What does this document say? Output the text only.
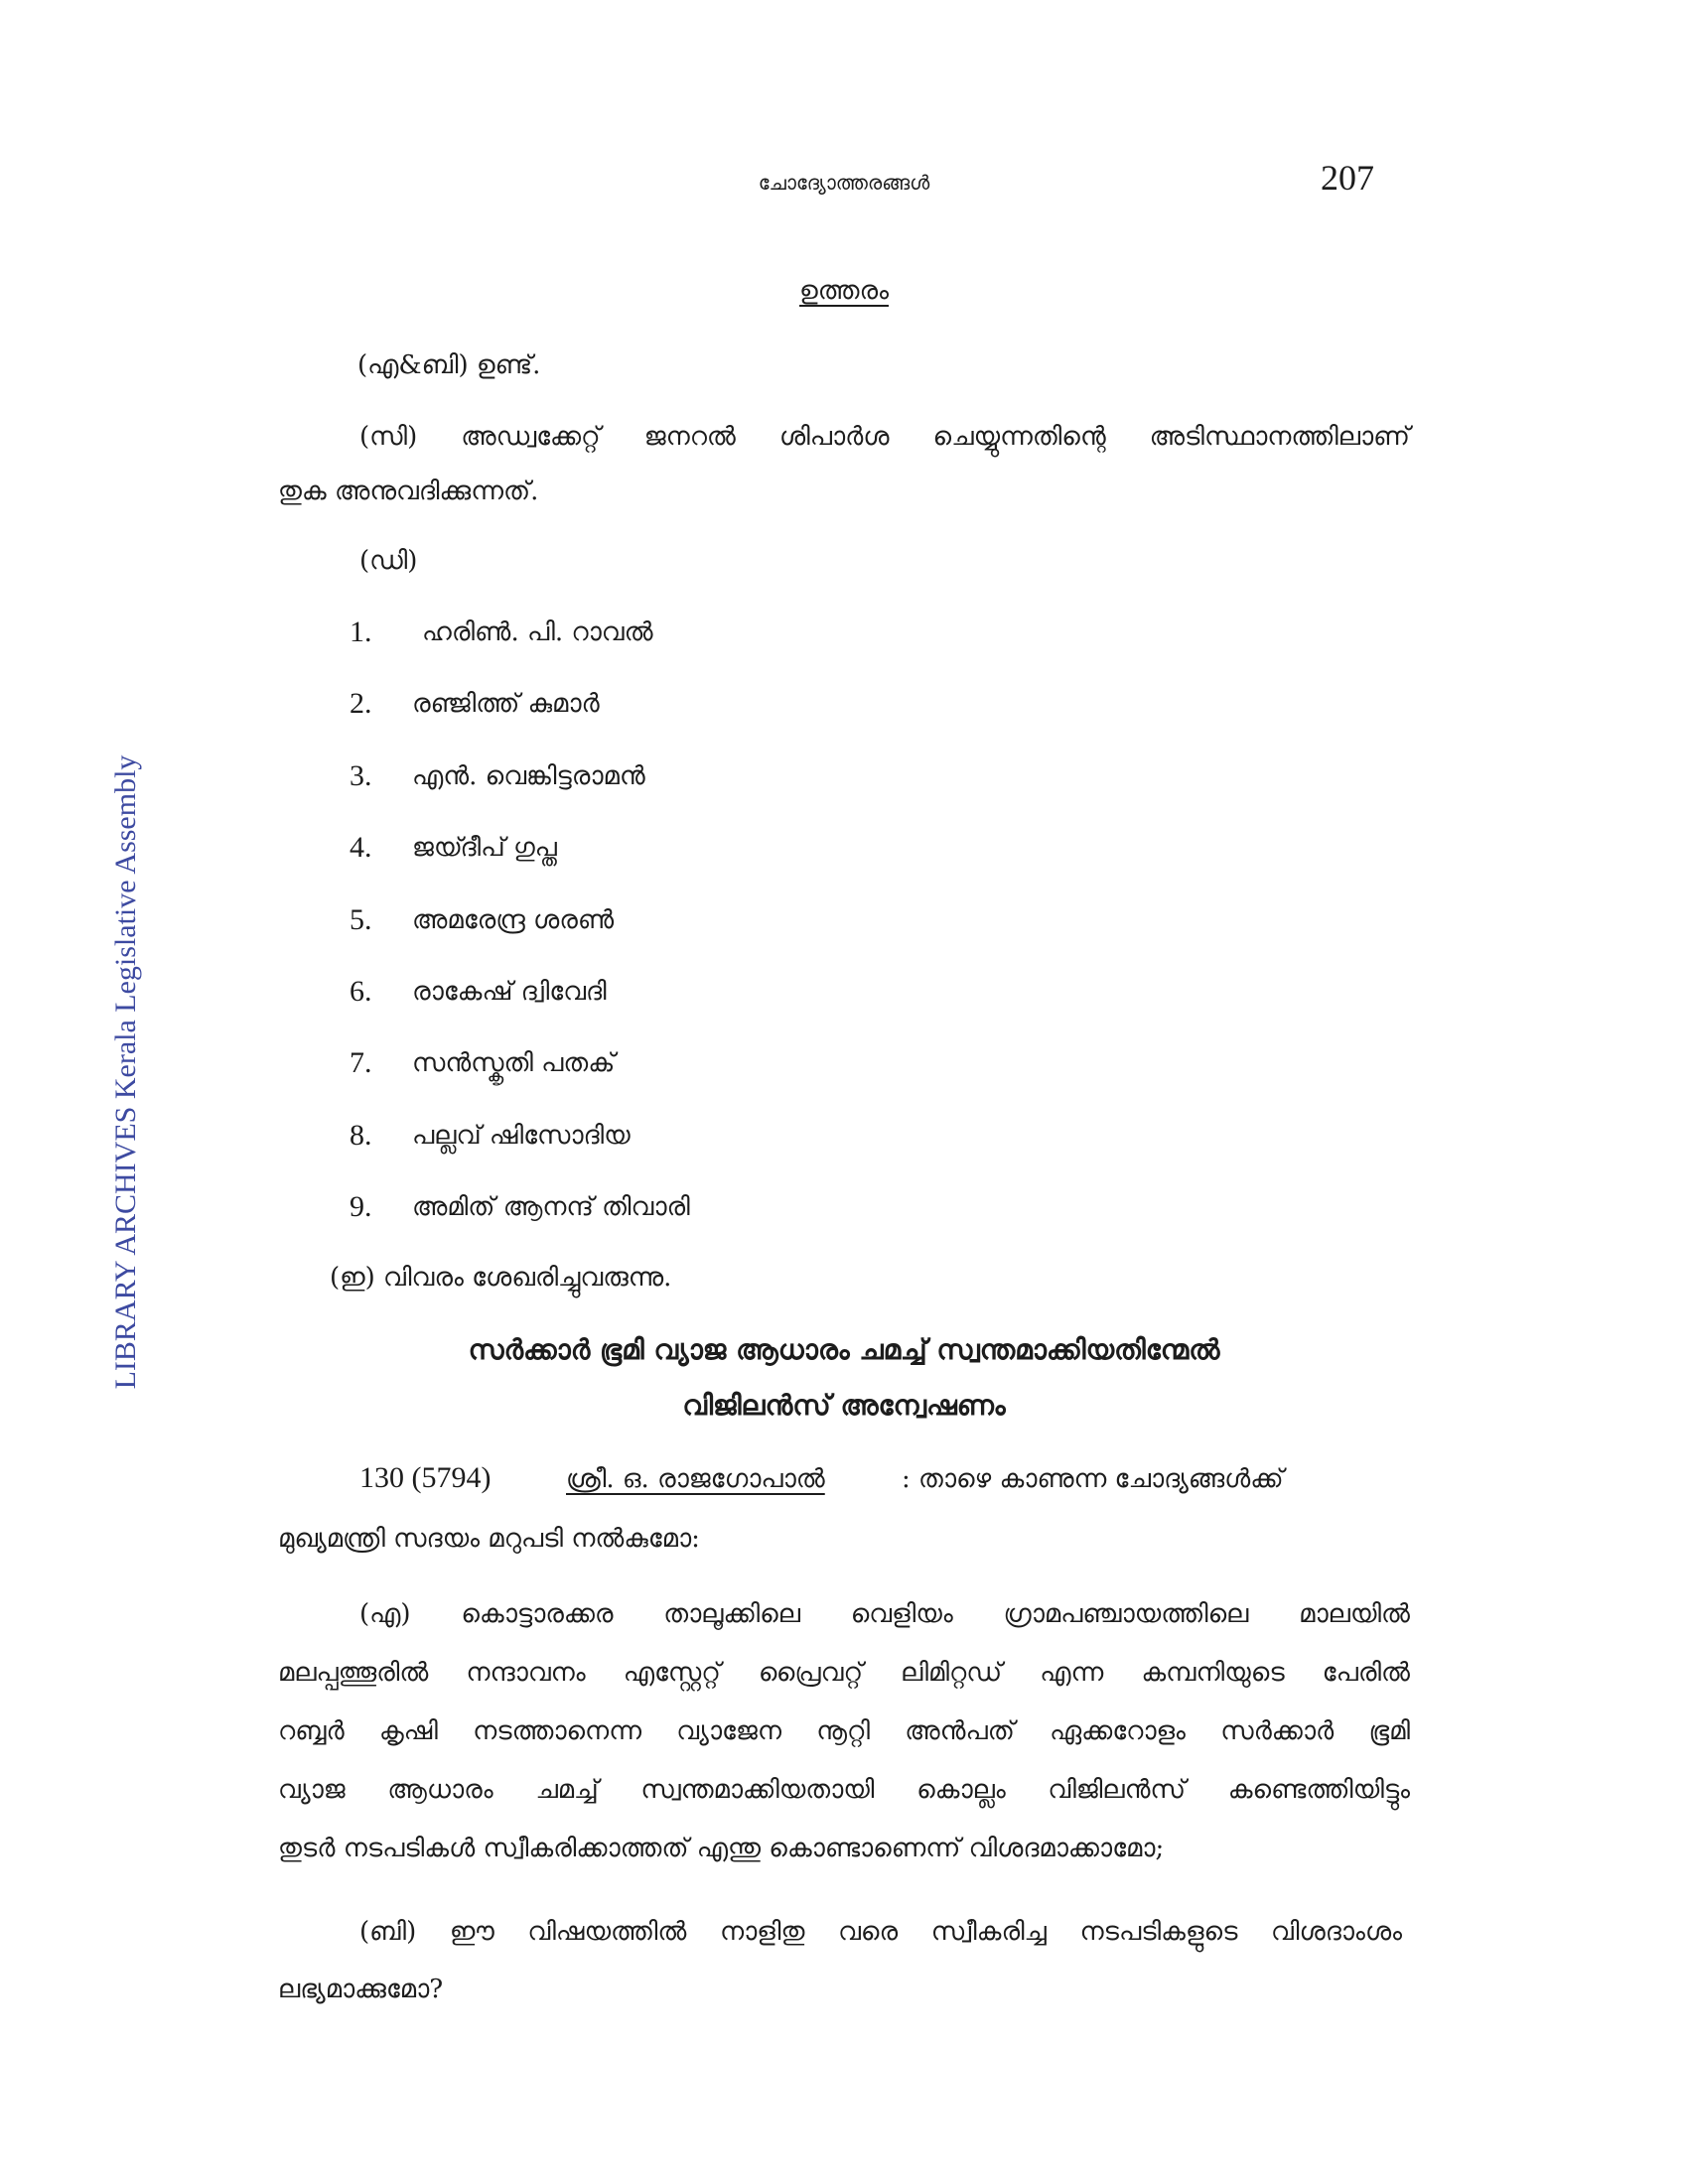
LIBRARY ARCHIVES Kerala Legislative Assembly
ചോദ്യോത്തരങ്ങൾ	207
ഉത്തരം
(എ&ബി) ഉണ്ട്.
(സി) അഡ്വക്കേറ്റ് ജനറൽ ശിപാർശ ചെയ്യുന്നതിന്റെ അടിസ്ഥാനത്തിലാണ്
തുക അനുവദിക്കുന്നത്.
(ഡി)
1. ഹരിൺ. പി. റാവൽ
2. രഞ്ജിത്ത് കുമാർ
3. എൻ. വെങ്കിട്ടരാമൻ
4. ജയ്ദീപ് ഗുപ്ത
5. അമരേന്ദ്ര ശരൺ
6. രാകേഷ് ദ്വിവേദി
7. സൻസ്കൃതി പതക്
8. പല്ലവ് ഷിസോദിയ
9. അമിത് ആനന്ദ് തിവാരി
(ഇ) വിവരം ശേഖരിച്ചുവരുന്നു.
സർക്കാർ ഭൂമി വ്യാജ ആധാരം ചമച്ച് സ്വന്തമാക്കിയതിന്മേൽ
വിജിലൻസ് അന്വേഷണം
130 (5794)	ശ്രീ. ഒ. രാജഗോപാൽ	: താഴെ കാണുന്ന ചോദ്യങ്ങൾക്ക്
മുഖ്യമന്ത്രി സദയം മറുപടി നൽകുമോ:
(എ) കൊട്ടാരക്കര താലൂക്കിലെ വെളിയം ഗ്രാമപഞ്ചായത്തിലെ മാലയിൽ
മലപ്പത്തൂരിൽ നന്ദാവനം എസ്റ്റേറ്റ് പ്രൈവറ്റ് ലിമിറ്റഡ് എന്ന കമ്പനിയുടെ പേരിൽ
റബ്ബർ കൃഷി നടത്താനെന്ന വ്യാജേന നൂറ്റി അൻപത് ഏക്കറോളം സർക്കാർ ഭൂമി
വ്യാജ ആധാരം ചമച്ച് സ്വന്തമാക്കിയതായി കൊല്ലം വിജിലൻസ് കണ്ടെത്തിയിട്ടും
തുടർ നടപടികൾ സ്വീകരിക്കാത്തത് എന്തു കൊണ്ടാണെന്ന് വിശദമാക്കാമോ;
(ബി) ഈ വിഷയത്തിൽ നാളിതു വരെ സ്വീകരിച്ച നടപടികളുടെ വിശദാംശം
ലഭ്യമാക്കുമോ?
